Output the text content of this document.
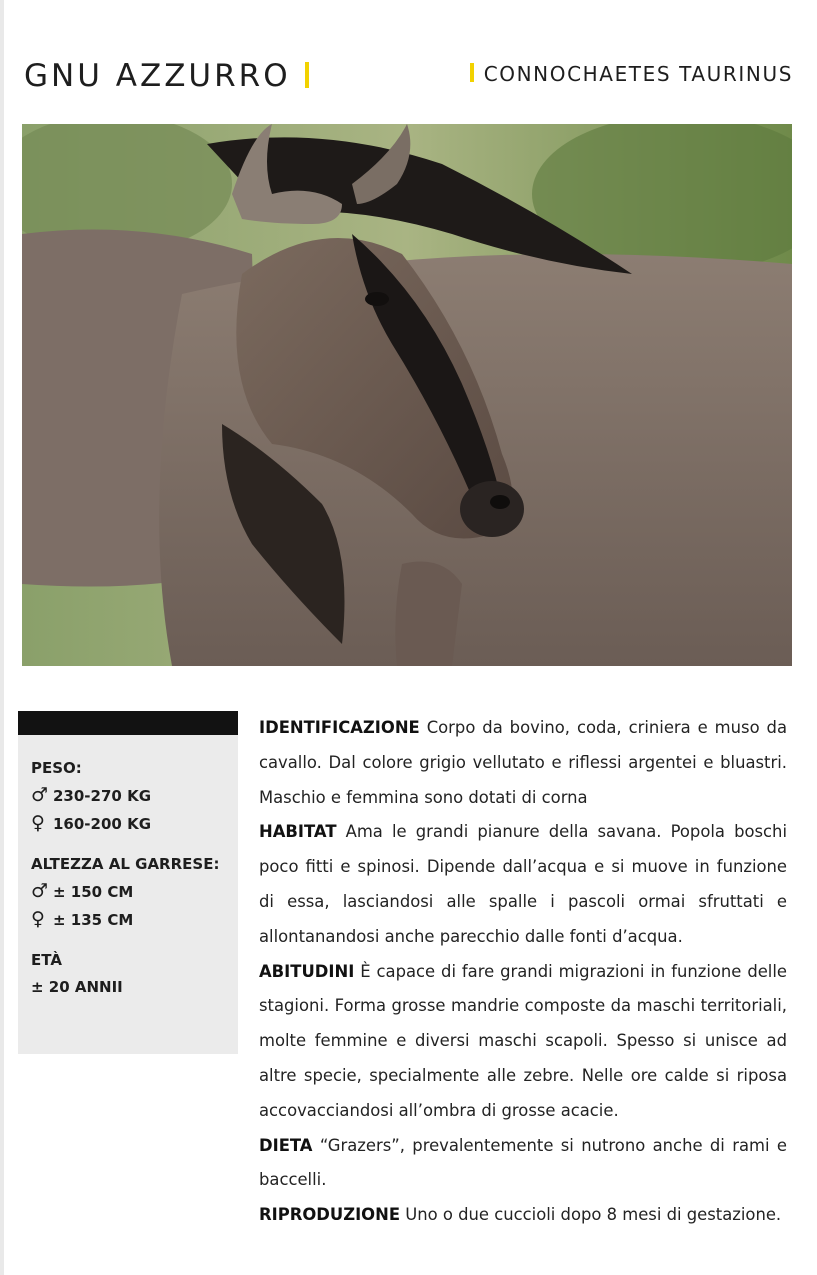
GNU AZZURRO	CONNOCHAETES TAURINUS
PESO:
♂ 230-270 KG
♀ 160-200 KG
ALTEZZA AL GARRESE:
♂ ± 150 CM
♀ ± 135 CM
ETÀ
± 20 ANNII

IDENTIFICAZIONE Corpo da bovino, coda, criniera e muso da cavallo. Dal colore grigio vellutato e riflessi argentei e bluastri. Maschio e femmina sono dotati di corna

HABITAT Ama le grandi pianure della savana. Popola boschi poco fitti e spinosi. Dipende dall’acqua e si muove in funzione di essa, lasciandosi alle spalle i pascoli ormai sfruttati e allontanandosi anche parecchio dalle fonti d’acqua.

ABITUDINI È capace di fare grandi migrazioni in funzione delle stagioni. Forma grosse mandrie composte da maschi territoriali, molte femmine e diversi maschi scapoli. Spesso si unisce ad altre specie, specialmente alle zebre. Nelle ore calde si riposa accovacciandosi all’ombra di grosse acacie.

DIETA “Grazers”, prevalentemente si nutrono anche di rami e baccelli.

RIPRODUZIONE Uno o due cuccioli dopo 8 mesi di gestazione.
